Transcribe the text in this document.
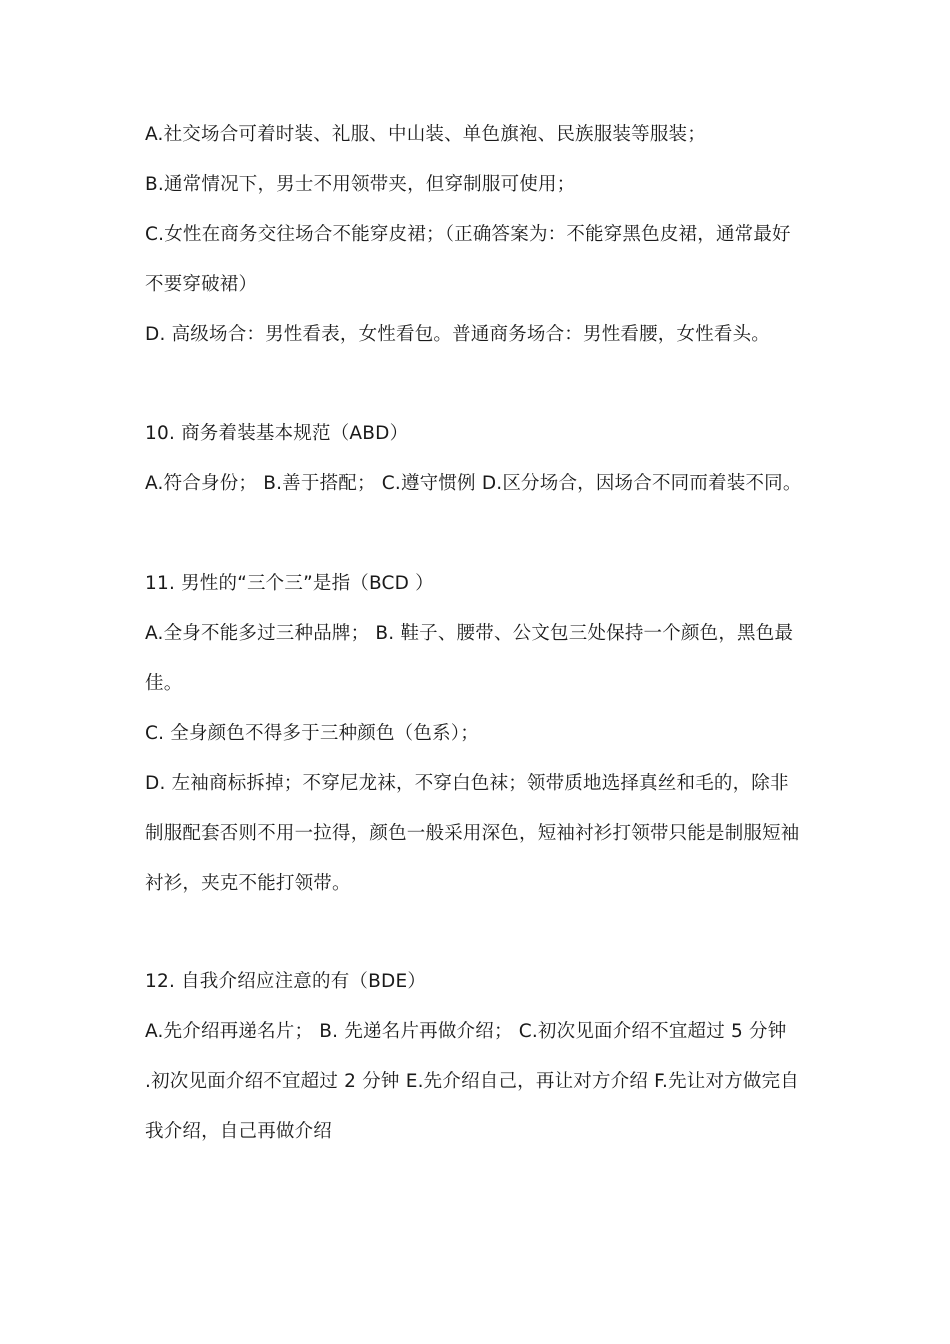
A.社交场合可着时装、礼服、中山装、单色旗袍、民族服装等服装；
B.通常情况下，男士不用领带夹，但穿制服可使用；
C.女性在商务交往场合不能穿皮裙；（正确答案为：不能穿黑色皮裙，通常最好
不要穿破裙）
D. 高级场合：男性看表，女性看包。普通商务场合：男性看腰，女性看头。
10. 商务着装基本规范（ABD）
A.符合身份； B.善于搭配； C.遵守惯例 D.区分场合，因场合不同而着装不同。
11. 男性的“三个三”是指（BCD ）
A.全身不能多过三种品牌； B. 鞋子、腰带、公文包三处保持一个颜色，黑色最
佳。
C. 全身颜色不得多于三种颜色（色系）；
D. 左袖商标拆掉；不穿尼龙袜，不穿白色袜；领带质地选择真丝和毛的，除非
制服配套否则不用一拉得，颜色一般采用深色，短袖衬衫打领带只能是制服短袖
衬衫，夹克不能打领带。
12. 自我介绍应注意的有（BDE）
A.先介绍再递名片； B. 先递名片再做介绍； C.初次见面介绍不宜超过 5 分钟
.初次见面介绍不宜超过 2 分钟 E.先介绍自己，再让对方介绍 F.先让对方做完自
我介绍，自己再做介绍
